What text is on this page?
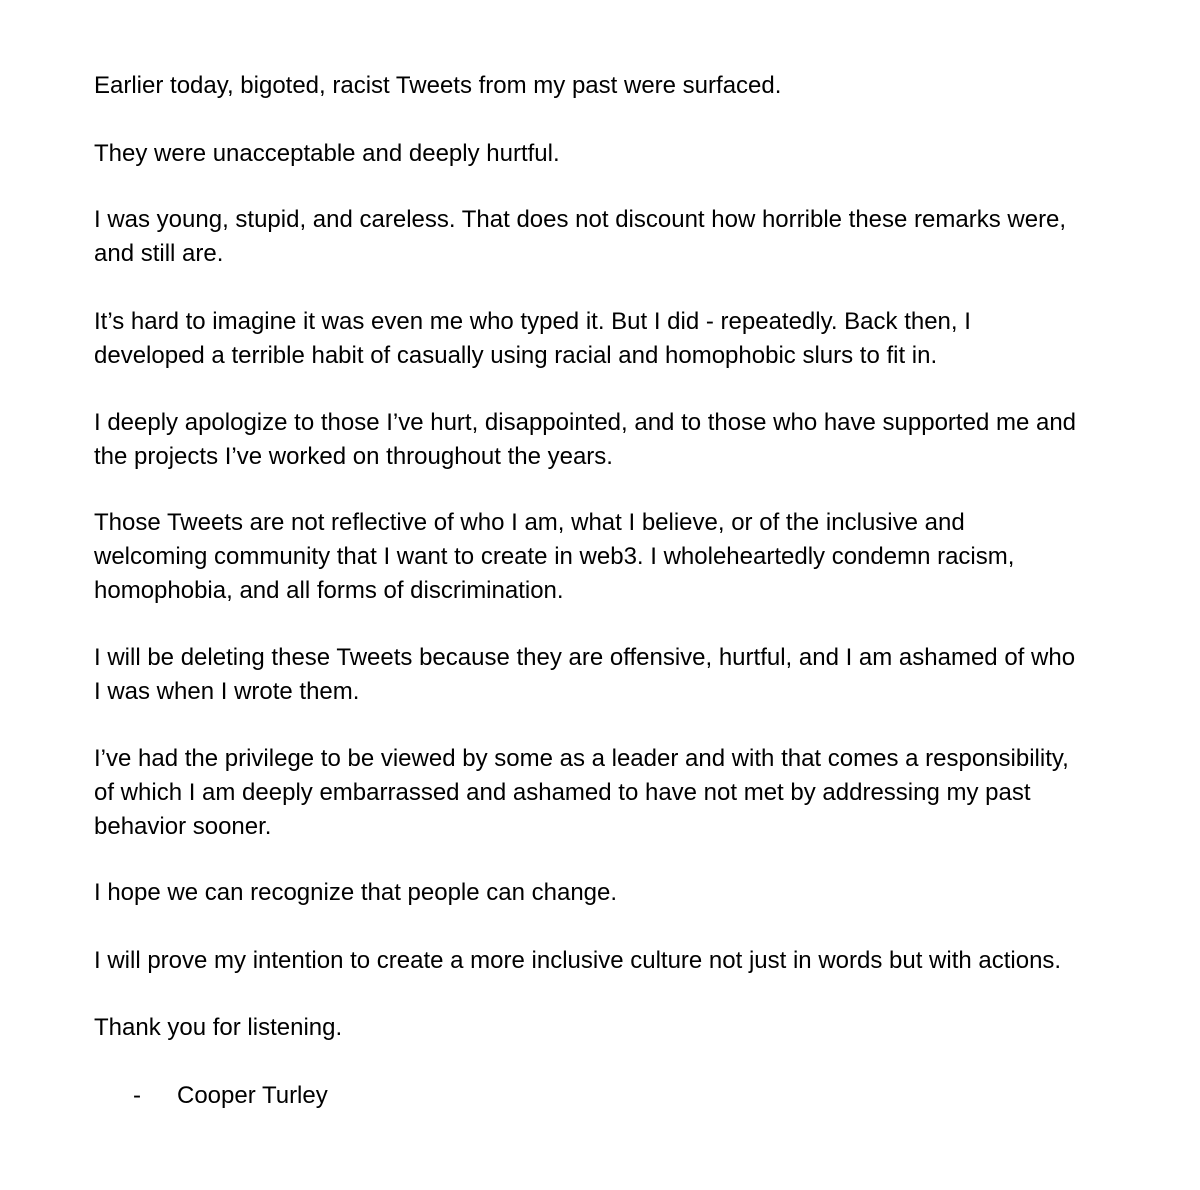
Earlier today, bigoted, racist Tweets from my past were surfaced.

They were unacceptable and deeply hurtful.

I was young, stupid, and careless. That does not discount how horrible these remarks were,
and still are.

It’s hard to imagine it was even me who typed it. But I did - repeatedly. Back then, I
developed a terrible habit of casually using racial and homophobic slurs to fit in.

I deeply apologize to those I’ve hurt, disappointed, and to those who have supported me and
the projects I’ve worked on throughout the years.

Those Tweets are not reflective of who I am, what I believe, or of the inclusive and
welcoming community that I want to create in web3. I wholeheartedly condemn racism,
homophobia, and all forms of discrimination.

I will be deleting these Tweets because they are offensive, hurtful, and I am ashamed of who
I was when I wrote them.

I’ve had the privilege to be viewed by some as a leader and with that comes a responsibility,
of which I am deeply embarrassed and ashamed to have not met by addressing my past
behavior sooner.

I hope we can recognize that people can change.

I will prove my intention to create a more inclusive culture not just in words but with actions.

Thank you for listening.

- Cooper Turley
